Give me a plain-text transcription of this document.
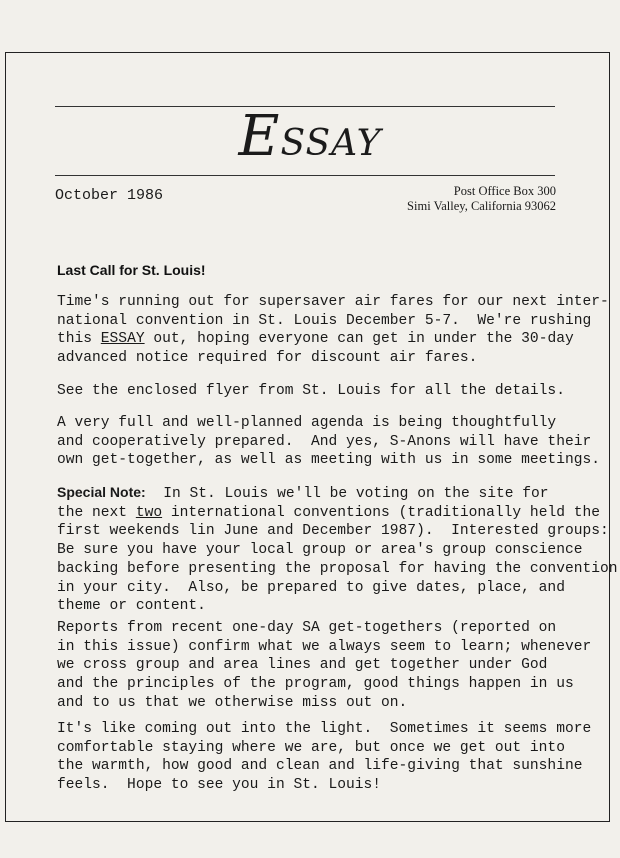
ESSAY
October 1986	Post Office Box 300
Simi Valley, California 93062
Last Call for St. Louis!
Time's running out for supersaver air fares for our next inter-
national convention in St. Louis December 5-7.  We're rushing
this ESSAY out, hoping everyone can get in under the 30-day
advanced notice required for discount air fares.
See the enclosed flyer from St. Louis for all the details.
A very full and well-planned agenda is being thoughtfully
and cooperatively prepared.  And yes, S-Anons will have their
own get-together, as well as meeting with us in some meetings.
Special Note:  In St. Louis we'll be voting on the site for
the next two international conventions (traditionally held the
first weekends lin June and December 1987).  Interested groups:
Be sure you have your local group or area's group conscience
backing before presenting the proposal for having the convention
in your city.  Also, be prepared to give dates, place, and
theme or content.
Reports from recent one-day SA get-togethers (reported on
in this issue) confirm what we always seem to learn; whenever
we cross group and area lines and get together under God
and the principles of the program, good things happen in us
and to us that we otherwise miss out on.
It's like coming out into the light.  Sometimes it seems more
comfortable staying where we are, but once we get out into
the warmth, how good and clean and life-giving that sunshine
feels.  Hope to see you in St. Louis!
